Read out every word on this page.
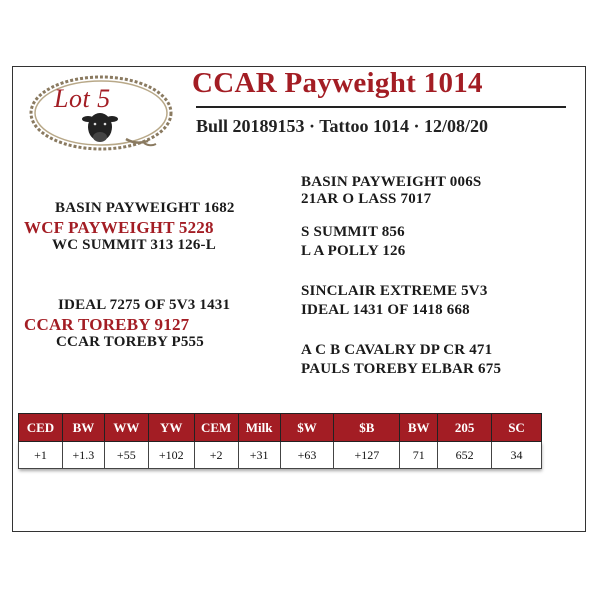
Lot 5	CCAR Payweight 1014
Bull 20189153 · Tattoo 1014 · 12/08/20
BASIN PAYWEIGHT 1682
WCF PAYWEIGHT 5228
WC SUMMIT 313 126-L
IDEAL 7275 OF 5V3 1431
CCAR TOREBY 9127
CCAR TOREBY P555
BASIN PAYWEIGHT 006S
21AR O LASS 7017
S SUMMIT 856
L A POLLY 126
SINCLAIR EXTREME 5V3
IDEAL 1431 OF 1418 668
A C B CAVALRY DP CR 471
PAULS TOREBY ELBAR 675
CED	BW	WW	YW	CEM	Milk	$W	$B	BW	205	SC
+1	+1.3	+55	+102	+2	+31	+63	+127	71	652	34
